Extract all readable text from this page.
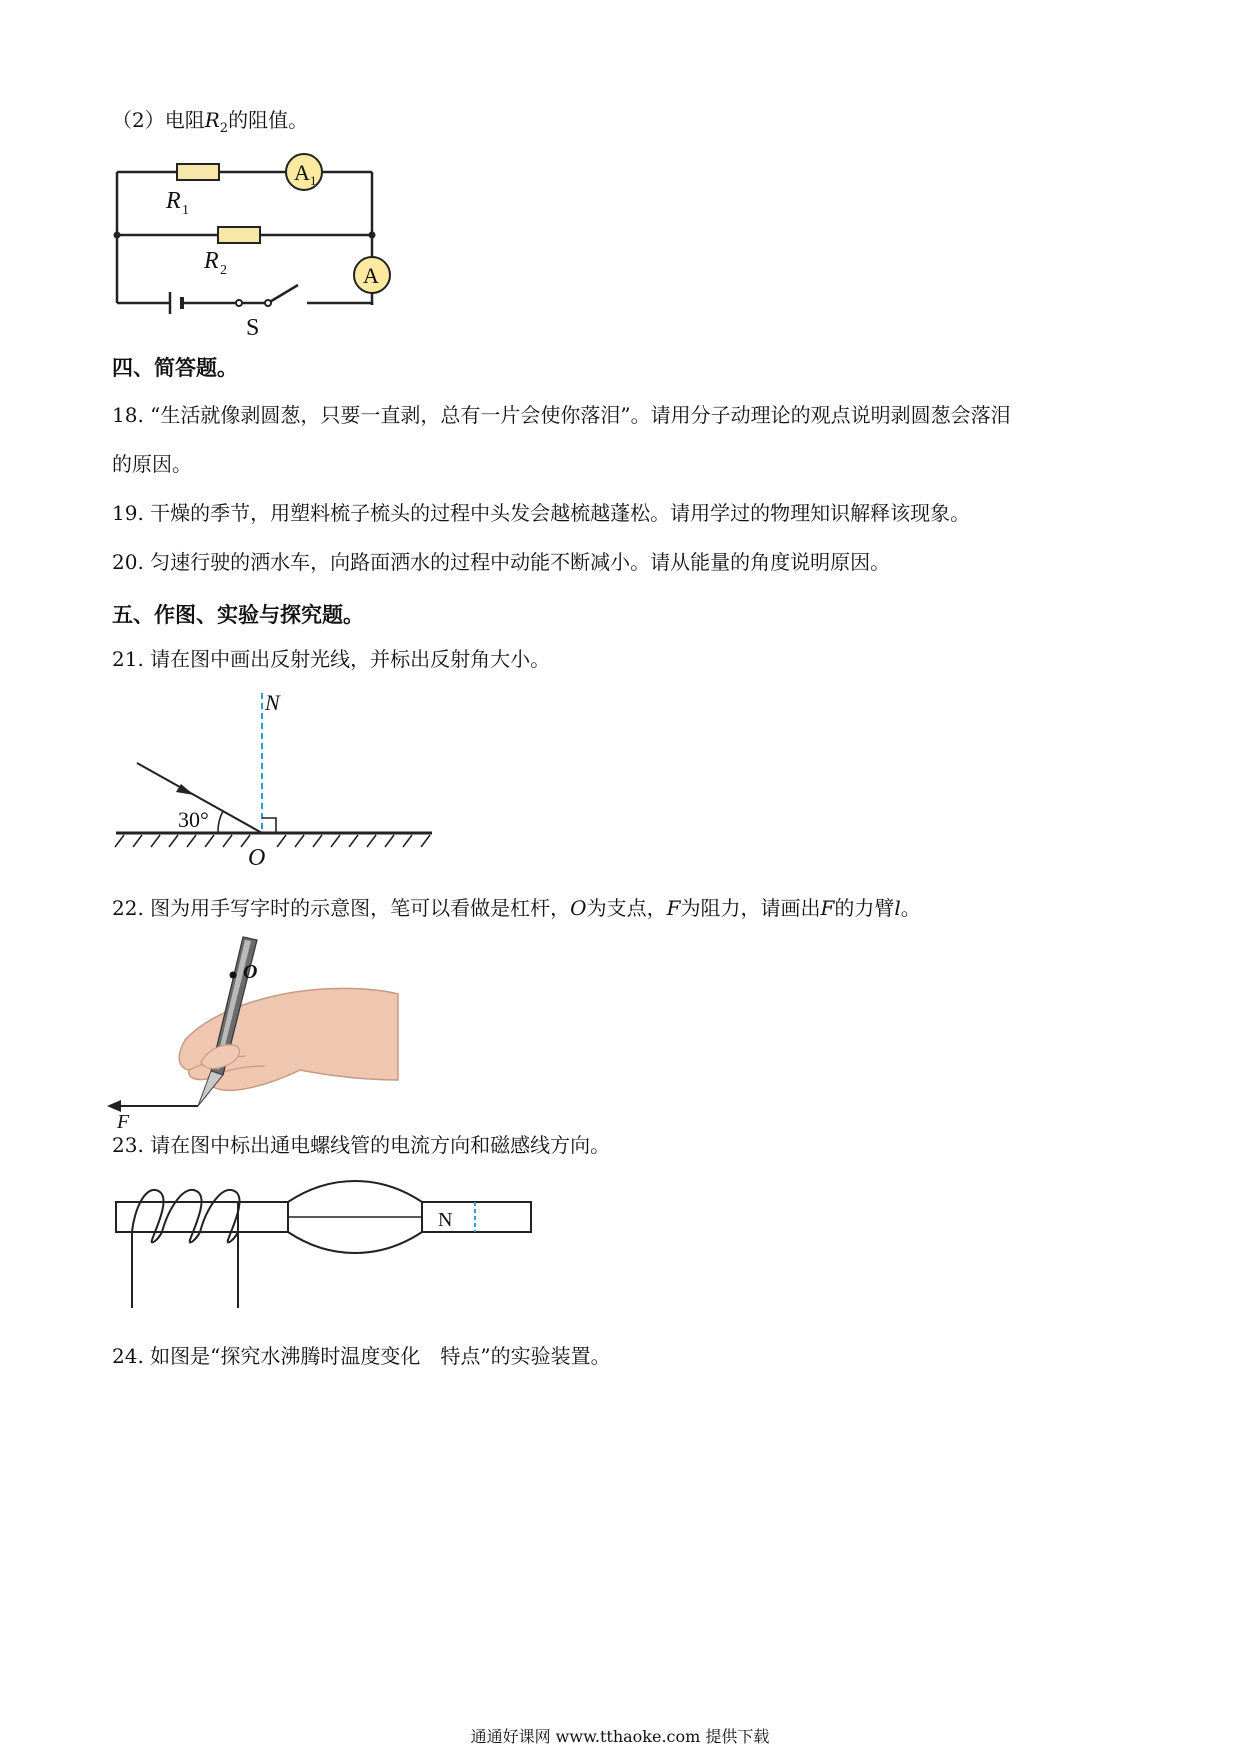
（2）电阻$R_2$的阻值。
R 1
R 2
A 1
A
S
四、简答题。
18. “生活就像剥圆葱，只要一直剥，总有一片会使你落泪”。请用分子动理论的观点说明剥圆葱会落泪
的原因。
19. 干燥的季节，用塑料梳子梳头的过程中头发会越梳越蓬松。请用学过的物理知识解释该现象。
20. 匀速行驶的洒水车，向路面洒水的过程中动能不断减小。请从能量的角度说明原因。
五、作图、实验与探究题。
21. 请在图中画出反射光线，并标出反射角大小。
N
30°
O
22. 图为用手写字时的示意图，笔可以看做是杠杆，O为支点，F为阻力，请画出F的力臂l。
O
F
23. 请在图中标出通电螺线管的电流方向和磁感线方向。
N
24. 如图是“探究水沸腾时温度变化　特点”的实验装置。
通通好课网 www.tthaoke.com 提供下载
